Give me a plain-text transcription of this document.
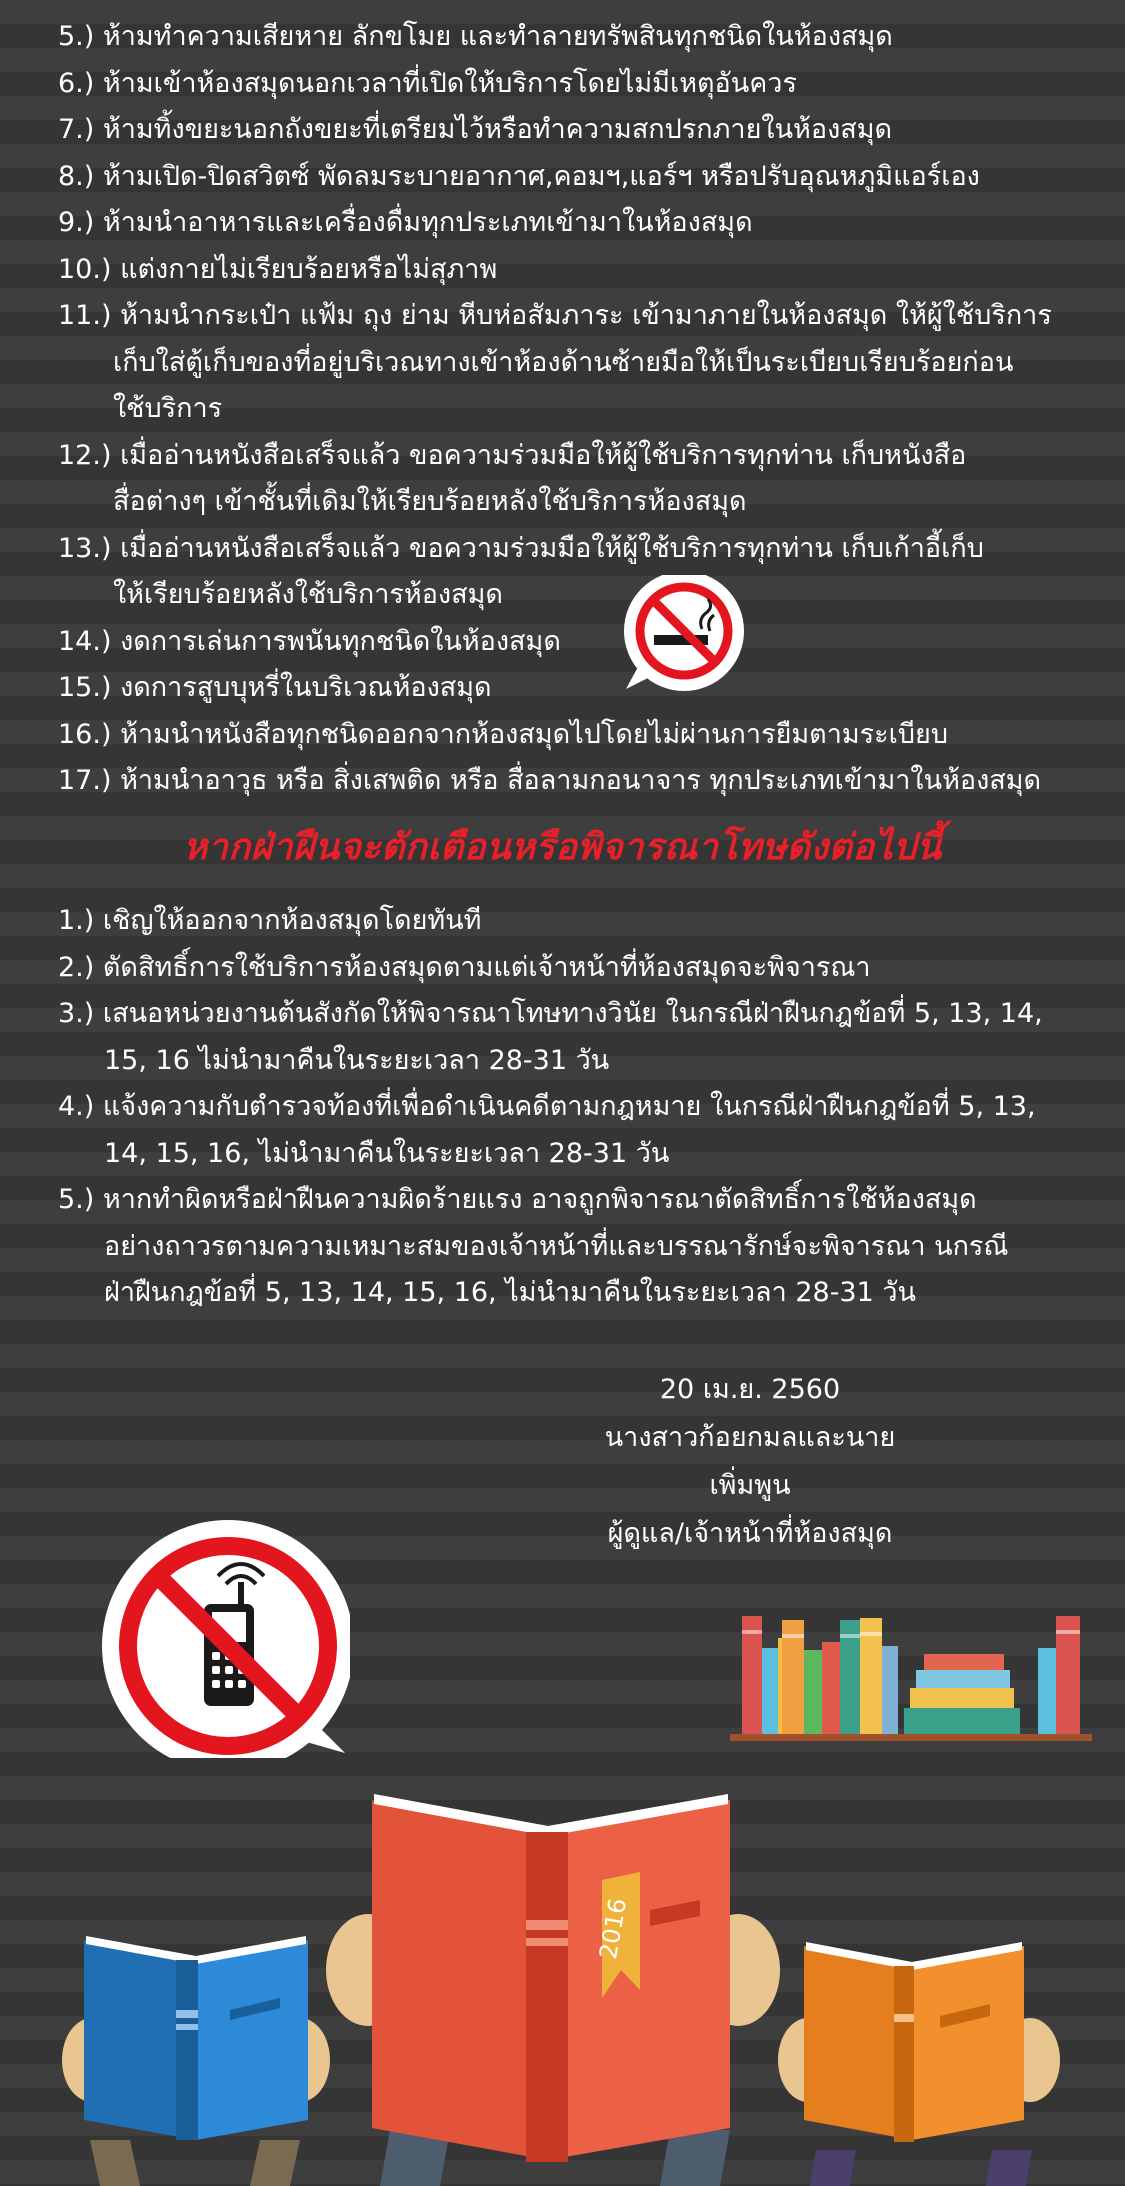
5.) ห้ามทำความเสียหาย ลักขโมย และทำลายทรัพสินทุกชนิดในห้องสมุด
6.) ห้ามเข้าห้องสมุดนอกเวลาที่เปิดให้บริการโดยไม่มีเหตุอันควร
7.) ห้ามทิ้งขยะนอกถังขยะที่เตรียมไว้หรือทำความสกปรกภายในห้องสมุด
8.) ห้ามเปิด-ปิดสวิตซ์ พัดลมระบายอากาศ,คอมฯ,แอร์ฯ หรือปรับอุณหภูมิแอร์เอง
9.) ห้ามนำอาหารและเครื่องดื่มทุกประเภทเข้ามาในห้องสมุด
10.) แต่งกายไม่เรียบร้อยหรือไม่สุภาพ
11.) ห้ามนำกระเป๋า แฟ้ม ถุง ย่าม หีบห่อสัมภาระ เข้ามาภายในห้องสมุด ให้ผู้ใช้บริการ
เก็บใส่ตู้เก็บของที่อยู่บริเวณทางเข้าห้องด้านซ้ายมือให้เป็นระเบียบเรียบร้อยก่อน
ใช้บริการ
12.) เมื่ออ่านหนังสือเสร็จแล้ว ขอความร่วมมือให้ผู้ใช้บริการทุกท่าน เก็บหนังสือ
สื่อต่างๆ เข้าชั้นที่เดิมให้เรียบร้อยหลังใช้บริการห้องสมุด
13.) เมื่ออ่านหนังสือเสร็จแล้ว ขอความร่วมมือให้ผู้ใช้บริการทุกท่าน เก็บเก้าอี้เก็บ
ให้เรียบร้อยหลังใช้บริการห้องสมุด
14.) งดการเล่นการพนันทุกชนิดในห้องสมุด
15.) งดการสูบบุหรี่ในบริเวณห้องสมุด
16.) ห้ามนำหนังสือทุกชนิดออกจากห้องสมุดไปโดยไม่ผ่านการยืมตามระเบียบ
17.) ห้ามนำอาวุธ หรือ สิ่งเสพติด หรือ สื่อลามกอนาจาร ทุกประเภทเข้ามาในห้องสมุด
หากฝ่าฝืนจะตักเตือนหรือพิจารณาโทษดังต่อไปนี้
1.) เชิญให้ออกจากห้องสมุดโดยทันที
2.) ตัดสิทธิ์การใช้บริการห้องสมุดตามแต่เจ้าหน้าที่ห้องสมุดจะพิจารณา
3.) เสนอหน่วยงานต้นสังกัดให้พิจารณาโทษทางวินัย ในกรณีฝ่าฝืนกฎข้อที่ 5, 13, 14,
15, 16 ไม่นำมาคืนในระยะเวลา 28-31 วัน
4.) แจ้งความกับตำรวจท้องที่เพื่อดำเนินคดีตามกฎหมาย ในกรณีฝ่าฝืนกฎข้อที่ 5, 13,
14, 15, 16, ไม่นำมาคืนในระยะเวลา 28-31 วัน
5.) หากทำผิดหรือฝ่าฝืนความผิดร้ายแรง อาจถูกพิจารณาตัดสิทธิ์การใช้ห้องสมุด
อย่างถาวรตามความเหมาะสมของเจ้าหน้าที่และบรรณารักษ์จะพิจารณา นกรณี
ฝ่าฝืนกฎข้อที่ 5, 13, 14, 15, 16, ไม่นำมาคืนในระยะเวลา 28-31 วัน
20 เม.ย. 2560
นางสาวก้อยกมลและนายเพิ่มพูน
ผู้ดูแล/เจ้าหน้าที่ห้องสมุด
2016
